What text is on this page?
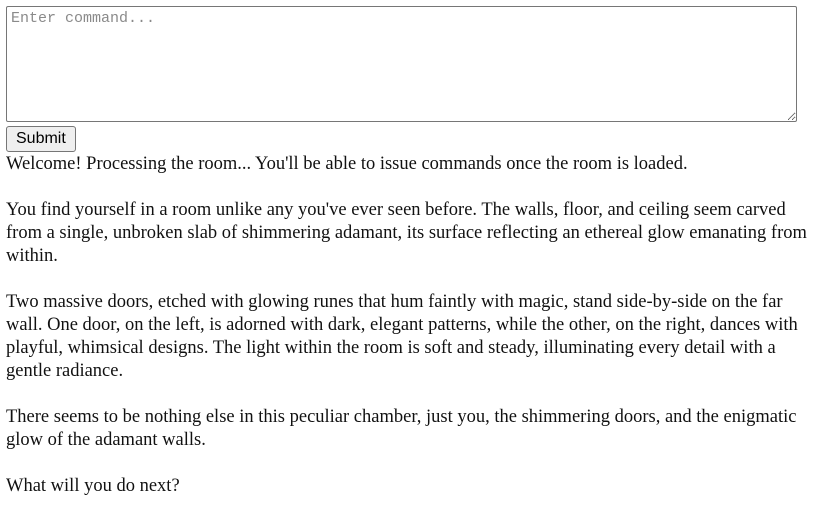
Enter command...
Submit

Welcome! Processing the room... You'll be able to issue commands once the room is loaded.

You find yourself in a room unlike any you've ever seen before. The walls, floor, and ceiling seem carved from a single, unbroken slab of shimmering adamant, its surface reflecting an ethereal glow emanating from within.

Two massive doors, etched with glowing runes that hum faintly with magic, stand side-by-side on the far wall. One door, on the left, is adorned with dark, elegant patterns, while the other, on the right, dances with playful, whimsical designs. The light within the room is soft and steady, illuminating every detail with a gentle radiance.

There seems to be nothing else in this peculiar chamber, just you, the shimmering doors, and the enigmatic glow of the adamant walls.

What will you do next?
